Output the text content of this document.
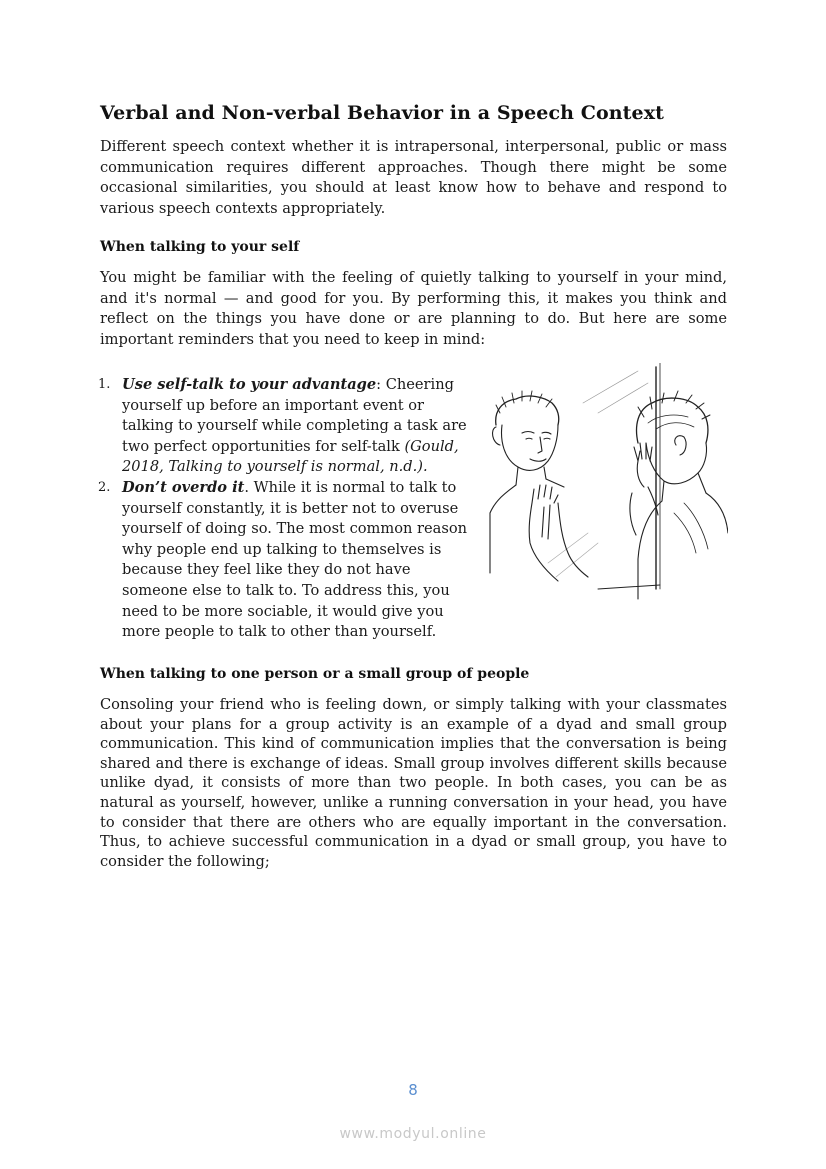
Verbal and Non-verbal Behavior in a Speech Context

Different speech context whether it is intrapersonal, interpersonal, public or mass communication requires different approaches. Though there might be some occasional similarities, you should at least know how to behave and respond to various speech contexts appropriately.

When talking to your self

You might be familiar with the feeling of quietly talking to yourself in your mind, and it's normal — and good for you. By performing this, it makes you think and reflect on the things you have done or are planning to do. But here are some important reminders that you need to keep in mind:

1. Use self-talk to your advantage: Cheering yourself up before an important event or talking to yourself while completing a task are two perfect opportunities for self-talk (Gould, 2018, Talking to yourself is normal, n.d.).
2. Don’t overdo it. While it is normal to talk to yourself constantly, it is better not to overuse yourself of doing so. The most common reason why people end up talking to themselves is because they feel like they do not have someone else to talk to. To address this, you need to be more sociable, it would give you more people to talk to other than yourself.
When talking to one person or a small group of people

Consoling your friend who is feeling down, or simply talking with your classmates about your plans for a group activity is an example of a dyad and small group communication. This kind of communication implies that the conversation is being shared and there is exchange of ideas. Small group involves different skills because unlike dyad, it consists of more than two people. In both cases, you can be as natural as yourself, however, unlike a running conversation in your head, you have to consider that there are others who are equally important in the conversation. Thus, to achieve successful communication in a dyad or small group, you have to consider the following;

8
www.modyul.online
